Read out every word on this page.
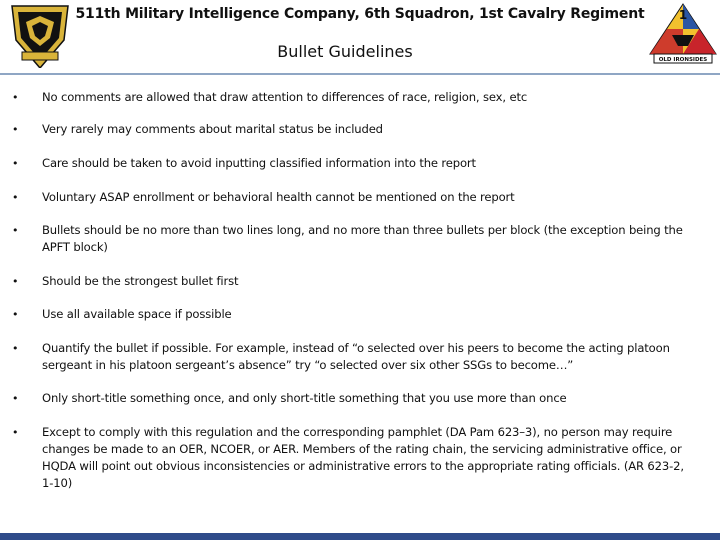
511th Military Intelligence Company, 6th Squadron, 1st Cavalry Regiment	1
OLD IRONSIDES
Bullet Guidelines
• No comments are allowed that draw attention to differences of race, religion, sex, etc
• Very rarely may comments about marital status be included
• Care should be taken to avoid inputting classified information into the report
• Voluntary ASAP enrollment or behavioral health cannot be mentioned on the report
• Bullets should be no more than two lines long, and no more than three bullets per block (the exception being the APFT block)
• Should be the strongest bullet first
• Use all available space if possible
• Quantify the bullet if possible. For example, instead of “o selected over his peers to become the acting platoon sergeant in his platoon sergeant’s absence” try “o selected over six other SSGs to become…”
• Only short-title something once, and only short-title something that you use more than once
• Except to comply with this regulation and the corresponding pamphlet (DA Pam 623–3), no person may require changes be made to an OER, NCOER, or AER. Members of the rating chain, the servicing administrative office, or HQDA will point out obvious inconsistencies or administrative errors to the appropriate rating officials. (AR 623-2, 1-10)
